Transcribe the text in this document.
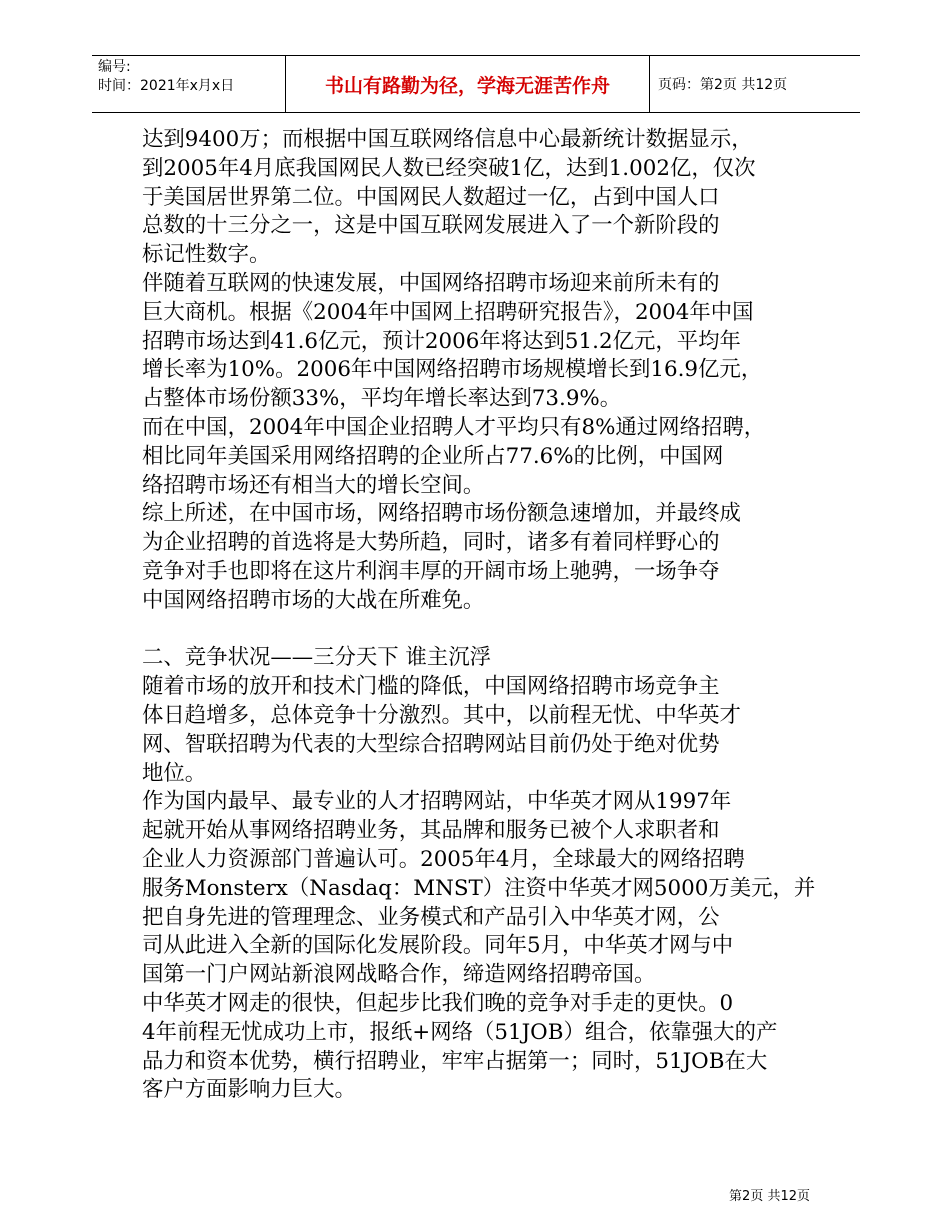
编号:
时间：2021年x月x日	书山有路勤为径，学海无涯苦作舟	页码：第2页 共12页
达到9400万；而根据中国互联网络信息中心最新统计数据显示，
到2005年4月底我国网民人数已经突破1亿，达到1.002亿，仅次
于美国居世界第二位。中国网民人数超过一亿，占到中国人口
总数的十三分之一，这是中国互联网发展进入了一个新阶段的
标记性数字。
伴随着互联网的快速发展，中国网络招聘市场迎来前所未有的
巨大商机。根据《2004年中国网上招聘研究报告》，2004年中国
招聘市场达到41.6亿元，预计2006年将达到51.2亿元，平均年
增长率为10%。2006年中国网络招聘市场规模增长到16.9亿元，
占整体市场份额33%，平均年增长率达到73.9%。
而在中国，2004年中国企业招聘人才平均只有8%通过网络招聘，
相比同年美国采用网络招聘的企业所占77.6%的比例，中国网
络招聘市场还有相当大的增长空间。
综上所述，在中国市场，网络招聘市场份额急速增加，并最终成
为企业招聘的首选将是大势所趋，同时，诸多有着同样野心的
竞争对手也即将在这片利润丰厚的开阔市场上驰骋，一场争夺
中国网络招聘市场的大战在所难免。
二、竞争状况——三分天下 谁主沉浮
随着市场的放开和技术门槛的降低，中国网络招聘市场竞争主
体日趋增多，总体竞争十分激烈。其中，以前程无忧、中华英才
网、智联招聘为代表的大型综合招聘网站目前仍处于绝对优势
地位。
作为国内最早、最专业的人才招聘网站，中华英才网从1997年
起就开始从事网络招聘业务，其品牌和服务已被个人求职者和
企业人力资源部门普遍认可。2005年4月，全球最大的网络招聘
服务Monsterx（Nasdaq：MNST）注资中华英才网5000万美元，并
把自身先进的管理理念、业务模式和产品引入中华英才网，公
司从此进入全新的国际化发展阶段。同年5月，中华英才网与中
国第一门户网站新浪网战略合作，缔造网络招聘帝国。
中华英才网走的很快，但起步比我们晚的竞争对手走的更快。0
4年前程无忧成功上市，报纸+网络（51JOB）组合，依靠强大的产
品力和资本优势，横行招聘业，牢牢占据第一；同时，51JOB在大
客户方面影响力巨大。
第2页 共12页
